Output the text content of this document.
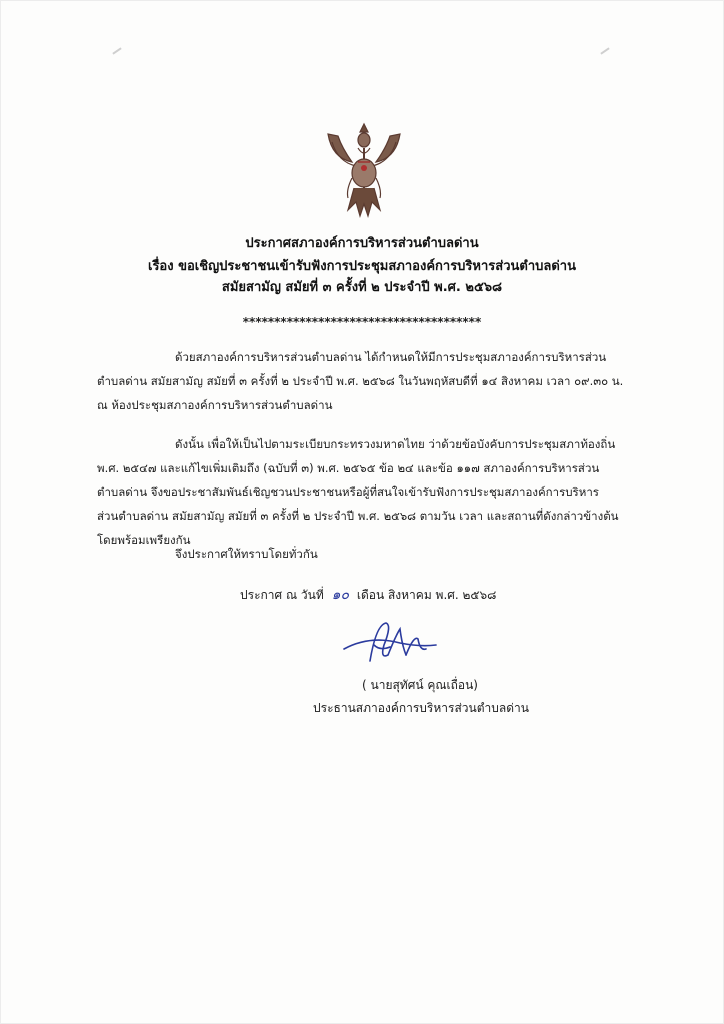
ประกาศสภาองค์การบริหารส่วนตำบลด่าน
เรื่อง ขอเชิญประชาชนเข้ารับฟังการประชุมสภาองค์การบริหารส่วนตำบลด่าน
สมัยสามัญ สมัยที่ ๓ ครั้งที่ ๒ ประจำปี พ.ศ. ๒๕๖๘
**************************************
ด้วยสภาองค์การบริหารส่วนตำบลด่าน ได้กำหนดให้มีการประชุมสภาองค์การบริหารส่วน
ตำบลด่าน สมัยสามัญ สมัยที่ ๓ ครั้งที่ ๒ ประจำปี พ.ศ. ๒๕๖๘ ในวันพฤหัสบดีที่ ๑๔ สิงหาคม เวลา ๐๙.๓๐ น.
ณ ห้องประชุมสภาองค์การบริหารส่วนตำบลด่าน
ดังนั้น เพื่อให้เป็นไปตามระเบียบกระทรวงมหาดไทย ว่าด้วยข้อบังคับการประชุมสภาท้องถิ่น
พ.ศ. ๒๕๔๗ และแก้ไขเพิ่มเติมถึง (ฉบับที่ ๓) พ.ศ. ๒๕๖๕ ข้อ ๒๔ และข้อ ๑๑๗ สภาองค์การบริหารส่วน
ตำบลด่าน จึงขอประชาสัมพันธ์เชิญชวนประชาชนหรือผู้ที่สนใจเข้ารับฟังการประชุมสภาองค์การบริหาร
ส่วนตำบลด่าน สมัยสามัญ สมัยที่ ๓ ครั้งที่ ๒ ประจำปี พ.ศ. ๒๕๖๘ ตามวัน เวลา และสถานที่ดังกล่าวข้างต้น
โดยพร้อมเพรียงกัน
จึงประกาศให้ทราบโดยทั่วกัน
ประกาศ ณ วันที่ ๑๐ เดือน สิงหาคม พ.ศ. ๒๕๖๘
( นายสุทัศน์ คุณเถื่อน)
ประธานสภาองค์การบริหารส่วนตำบลด่าน
